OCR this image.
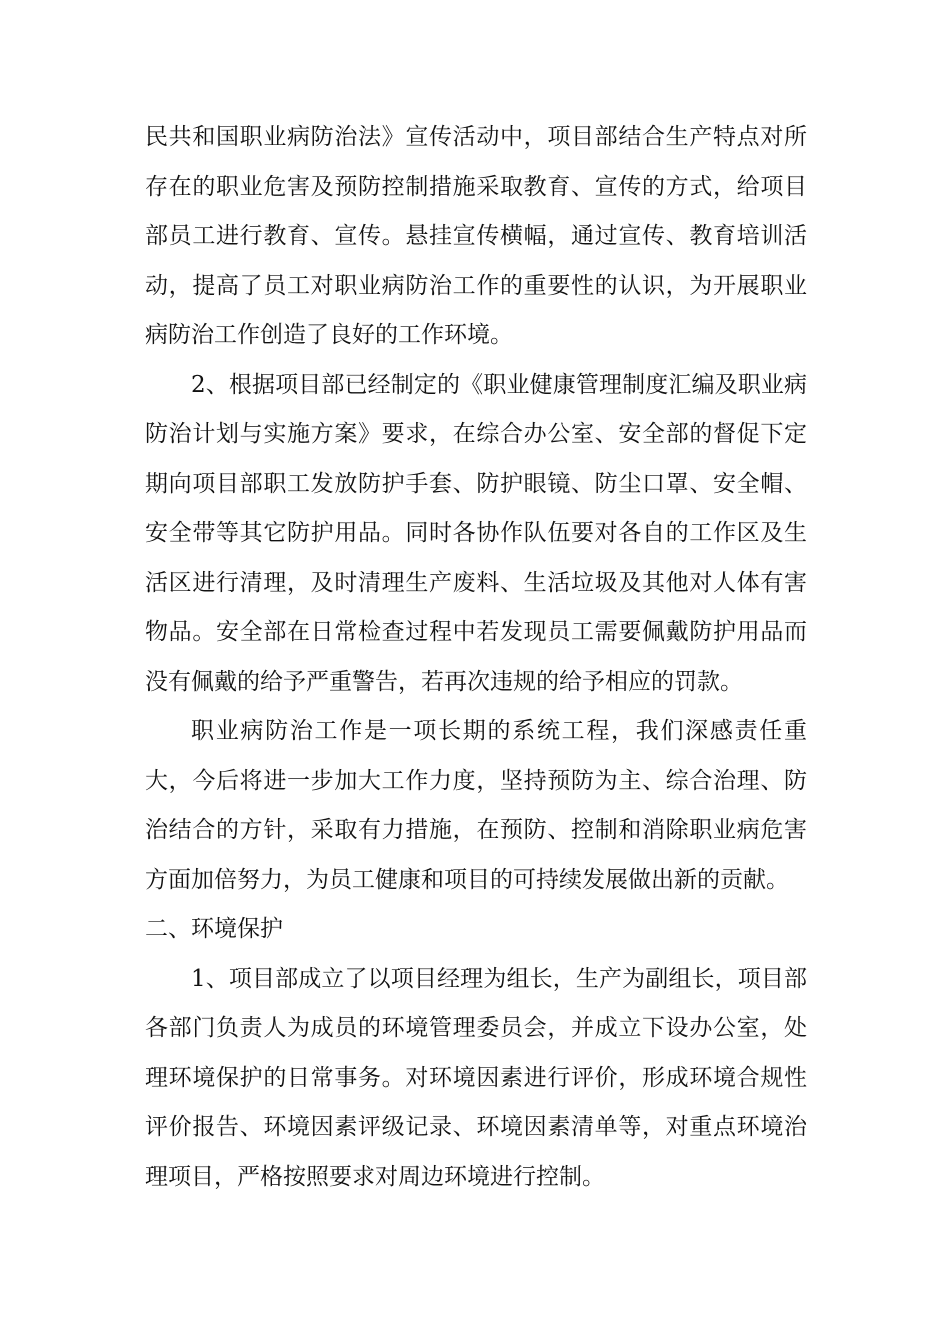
民共和国职业病防治法》宣传活动中，项目部结合生产特点对所存在的职业危害及预防控制措施采取教育、宣传的方式，给项目部员工进行教育、宣传。悬挂宣传横幅，通过宣传、教育培训活动，提高了员工对职业病防治工作的重要性的认识，为开展职业病防治工作创造了良好的工作环境。

2、根据项目部已经制定的《职业健康管理制度汇编及职业病防治计划与实施方案》要求，在综合办公室、安全部的督促下定期向项目部职工发放防护手套、防护眼镜、防尘口罩、安全帽、安全带等其它防护用品。同时各协作队伍要对各自的工作区及生活区进行清理，及时清理生产废料、生活垃圾及其他对人体有害物品。安全部在日常检查过程中若发现员工需要佩戴防护用品而没有佩戴的给予严重警告，若再次违规的给予相应的罚款。

职业病防治工作是一项长期的系统工程，我们深感责任重大，今后将进一步加大工作力度，坚持预防为主、综合治理、防治结合的方针，采取有力措施，在预防、控制和消除职业病危害方面加倍努力，为员工健康和项目的可持续发展做出新的贡献。

二、环境保护

1、项目部成立了以项目经理为组长，生产为副组长，项目部各部门负责人为成员的环境管理委员会，并成立下设办公室，处理环境保护的日常事务。对环境因素进行评价，形成环境合规性评价报告、环境因素评级记录、环境因素清单等，对重点环境治理项目，严格按照要求对周边环境进行控制。
